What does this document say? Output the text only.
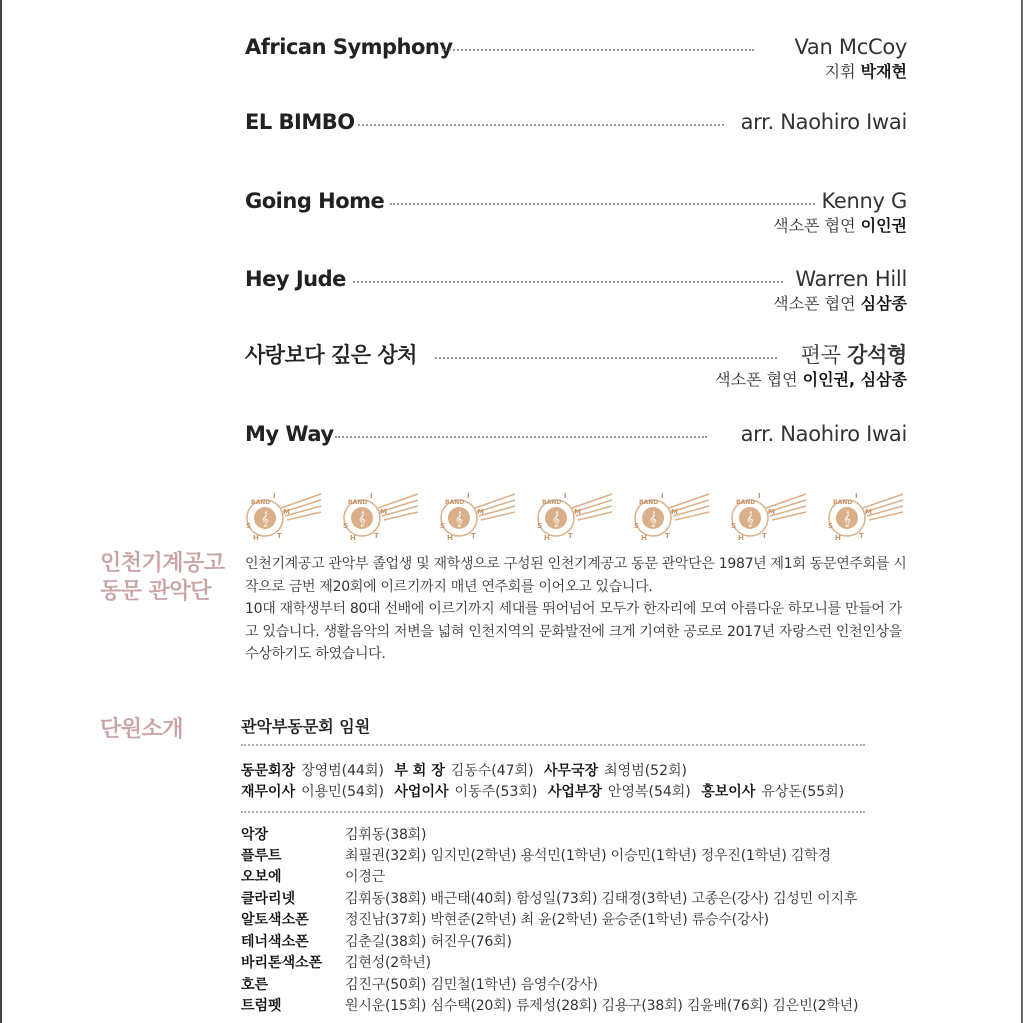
African Symphony	Van McCoy
지휘 박재현
EL BIMBO	arr. Naohiro Iwai
Going Home	Kenny G
색소폰 협연 이인권
Hey Jude	Warren Hill
색소폰 협연 심삼종
사랑보다 깊은 상처	편곡 강석형
색소폰 협연 이인권, 심삼종
My Way	arr. Naohiro Iwai
𝄞
BAND
I
M
S
H	T
𝄞
BAND
I
M
S
H	T
𝄞
BAND
I
M
S
H	T
𝄞
BAND
I
M
S
H	T
𝄞
BAND
I
M
S
H	T
𝄞
BAND
I
M
S
H	T
𝄞
BAND
I
M
S
H	T
인천기계공고
동문 관악단

인천기계공고 관악부 졸업생 및 재학생으로 구성된 인천기계공고 동문 관악단은 1987년 제1회 동문연주회를 시작으로 금번 제20회에 이르기까지 매년 연주회를 이어오고 있습니다.

10대 재학생부터 80대 선배에 이르기까지 세대를 뛰어넘어 모두가 한자리에 모여 아름다운 하모니를 만들어 가고 있습니다. 생활음악의 저변을 넓혀 인천지역의 문화발전에 크게 기여한 공로로 2017년 자랑스런 인천인상을 수상하기도 하였습니다.

단원소개	관악부동문회 임원
동문회장 장영범(44회) 부 회 장 김동수(47회) 사무국장 최영범(52회)
재무이사 이용민(54회) 사업이사 이동주(53회) 사업부장 안영복(54회) 홍보이사 유상돈(55회)
악장	김휘동(38회)
플루트	최필권(32회) 임지민(2학년) 용석민(1학년) 이승민(1학년) 정우진(1학년) 김학경
오보에	이경근
클라리넷	김휘동(38회) 배근태(40회) 함성일(73회) 김태경(3학년) 고종은(강사) 김성민 이지후
알토색소폰	정진남(37회) 박현준(2학년) 최 윤(2학년) 윤승준(1학년) 류승수(강사)
테너색소폰	김춘길(38회) 허진우(76회)
바리톤색소폰 김현성(2학년)
호른	김진구(50회) 김민철(1학년) 음영수(강사)
트럼펫	원시운(15회) 심수택(20회) 류제성(28회) 김용구(38회) 김윤배(76회) 김은빈(2학년)
